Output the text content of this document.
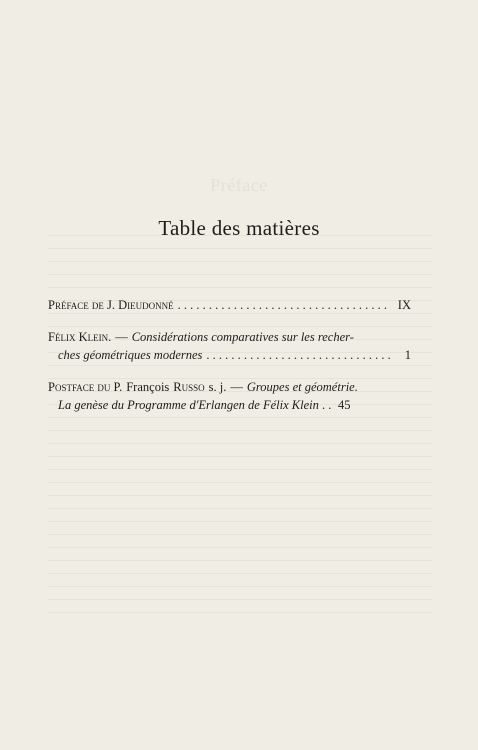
Préface
Table des matières
Préface de J. Dieudonné . . .	IX
Félix Klein. — Considérations comparatives sur les recher-
ches géométriques modernes . . .	1
Postface du P. François Russo s. j. — Groupes et géométrie.
La genèse du Programme d'Erlangen de Félix Klein . . 45
